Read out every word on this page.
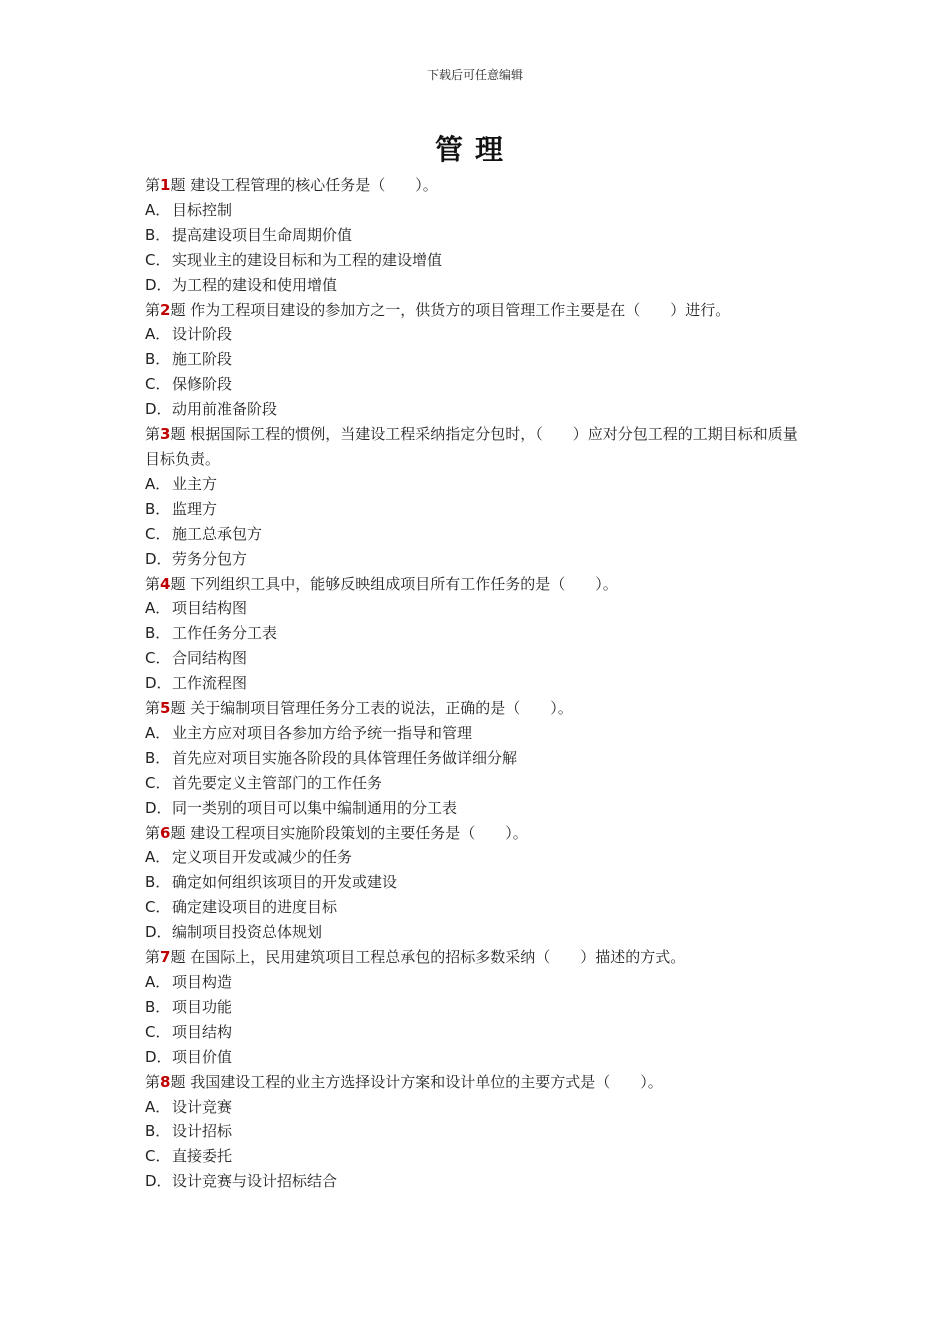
下载后可任意编辑
管理
第1题 建设工程管理的核心任务是（　　）。
A． 目标控制
B． 提高建设项目生命周期价值
C． 实现业主的建设目标和为工程的建设增值
D．为工程的建设和使用增值
第2题 作为工程项目建设的参加方之一，供货方的项目管理工作主要是在（　　）进行。
A． 设计阶段
B． 施工阶段
C． 保修阶段
D．动用前准备阶段
第3题 根据国际工程的惯例，当建设工程采纳指定分包时，（　　）应对分包工程的工期目标和质量目标负责。
A． 业主方
B． 监理方
C． 施工总承包方
D．劳务分包方
第4题 下列组织工具中，能够反映组成项目所有工作任务的是（　　）。
A． 项目结构图
B． 工作任务分工表
C． 合同结构图
D．工作流程图
第5题 关于编制项目管理任务分工表的说法，正确的是（　　）。
A． 业主方应对项目各参加方给予统一指导和管理
B． 首先应对项目实施各阶段的具体管理任务做详细分解
C． 首先要定义主管部门的工作任务
D．同一类别的项目可以集中编制通用的分工表
第6题 建设工程项目实施阶段策划的主要任务是（　　）。
A． 定义项目开发或减少的任务
B． 确定如何组织该项目的开发或建设
C． 确定建设项目的进度目标
D．编制项目投资总体规划
第7题 在国际上，民用建筑项目工程总承包的招标多数采纳（　　）描述的方式。
A． 项目构造
B． 项目功能
C． 项目结构
D．项目价值
第8题 我国建设工程的业主方选择设计方案和设计单位的主要方式是（　　）。
A． 设计竞赛
B． 设计招标
C． 直接委托
D．设计竞赛与设计招标结合
